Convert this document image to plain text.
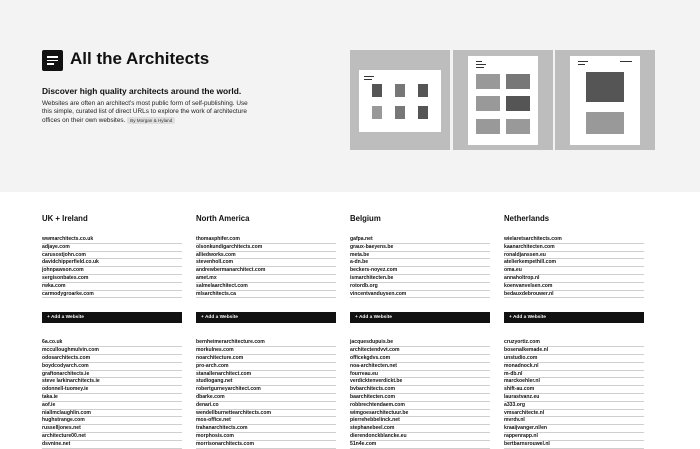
All the Architects
Discover high quality architects around the world.
Websites are often an architect's most public form of self-publishing. Use this simple, curated list of direct URLs to explore the work of architecture offices on their own websites. By Morgan & Hyland
UK + Ireland
wwmarchitects.co.uk
adjaye.com
carusostjohn.com
davidchipperfield.co.uk
johnpawson.com
sergisonbates.com
rwka.com
carmodygroarke.com
+ Add a Website
6a.co.uk
mcculloughmulvin.com
odosarchitects.com
boydcodyarch.com
graftonarchitects.ie
steve larkinarchitects.ie
odonnell-tuomey.ie
taka.ie
aof.ie
niallmclaughlin.com
hughstrange.com
russelljones.net
architecture00.net
dsvnine.net
North America
thomasphifer.com
olsonkundigarchitects.com
alliedworks.com
stevenholl.com
andrewbermanarchitect.com
amet.mx
salmelaarchitect.com
mlsarchitects.ca
+ Add a Website
bernheimerarchitecture.com
morkulnes.com
noarchitecture.com
pro-arch.com
stanallenarchitect.com
studiogang.net
robertgurneyarchitect.com
dbarke.com
denari.co
wendellburnettearchitects.com
mos-office.net
trahanarchitects.com
morphosis.com
morrisonarchitects.com
Belgium
gafpa.net
graux-baeyens.be
meta.be
a-dn.be
beckers-noyez.com
ismarchitecten.be
rotordb.org
vincentvanduysen.com
+ Add a Website
jacquesdupuis.be
architectendvvt.com
officekgdvs.com
noa-architecten.net
fourreau.eu
verdicktenverdickt.be
bvbarchitects.com
baarchitecten.com
robbrechtendaem.com
wimgoesarchitectuur.be
pierrehebbelinck.net
stephanebeel.com
dierendonckblancke.eu
51n4e.com
Netherlands
wielaretsarchitects.com
kaanarchitecten.com
ronaldjanssen.eu
atelierkempethill.com
oma.eu
annaholtrop.nl
koenvanvelsen.com
bedauxdebrouwer.nl
+ Add a Website
cruzyortiz.com
bosenalkemade.nl
unstudio.com
monadnock.nl
m-db.nl
marckoehler.nl
shift-au.com
laurastvanz.eu
a333.org
vmsarchitecte.nl
mvrdv.nl
kraaijvanger.nl/en
rappenrapp.nl
bertbarnsrouwel.nl
